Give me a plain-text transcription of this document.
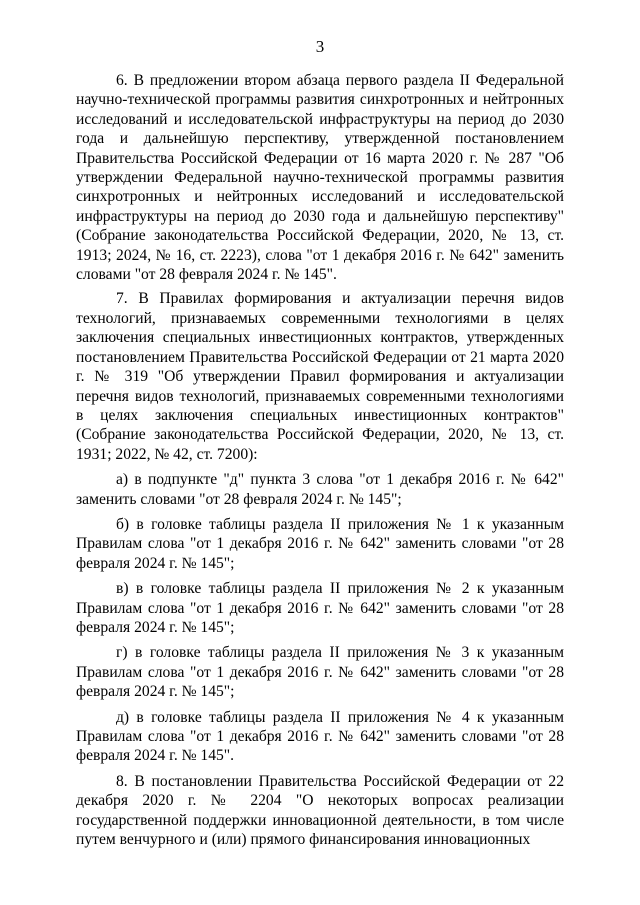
3

6. В предложении втором абзаца первого раздела II Федеральной научно-технической программы развития синхротронных и нейтронных исследований и исследовательской инфраструктуры на период до 2030 года и дальнейшую перспективу, утвержденной постановлением Правительства Российской Федерации от 16 марта 2020 г. № 287 "Об утверждении Федеральной научно-технической программы развития синхротронных и нейтронных исследований и исследовательской инфраструктуры на период до 2030 года и дальнейшую перспективу" (Собрание законодательства Российской Федерации, 2020, № 13, ст. 1913; 2024, № 16, ст. 2223), слова "от 1 декабря 2016 г. № 642" заменить словами "от 28 февраля 2024 г. № 145".

7. В Правилах формирования и актуализации перечня видов технологий, признаваемых современными технологиями в целях заключения специальных инвестиционных контрактов, утвержденных постановлением Правительства Российской Федерации от 21 марта 2020 г. № 319 "Об утверждении Правил формирования и актуализации перечня видов технологий, признаваемых современными технологиями в целях заключения специальных инвестиционных контрактов" (Собрание законодательства Российской Федерации, 2020, № 13, ст. 1931; 2022, № 42, ст. 7200):

а) в подпункте "д" пункта 3 слова "от 1 декабря 2016 г. № 642" заменить словами "от 28 февраля 2024 г. № 145";

б) в головке таблицы раздела II приложения № 1 к указанным Правилам слова "от 1 декабря 2016 г. № 642" заменить словами "от 28 февраля 2024 г. № 145";

в) в головке таблицы раздела II приложения № 2 к указанным Правилам слова "от 1 декабря 2016 г. № 642" заменить словами "от 28 февраля 2024 г. № 145";

г) в головке таблицы раздела II приложения № 3 к указанным Правилам слова "от 1 декабря 2016 г. № 642" заменить словами "от 28 февраля 2024 г. № 145";

д) в головке таблицы раздела II приложения № 4 к указанным Правилам слова "от 1 декабря 2016 г. № 642" заменить словами "от 28 февраля 2024 г. № 145".

8. В постановлении Правительства Российской Федерации от 22 декабря 2020 г. № 2204 "О некоторых вопросах реализации государственной поддержки инновационной деятельности, в том числе путем венчурного и (или) прямого финансирования инновационных
